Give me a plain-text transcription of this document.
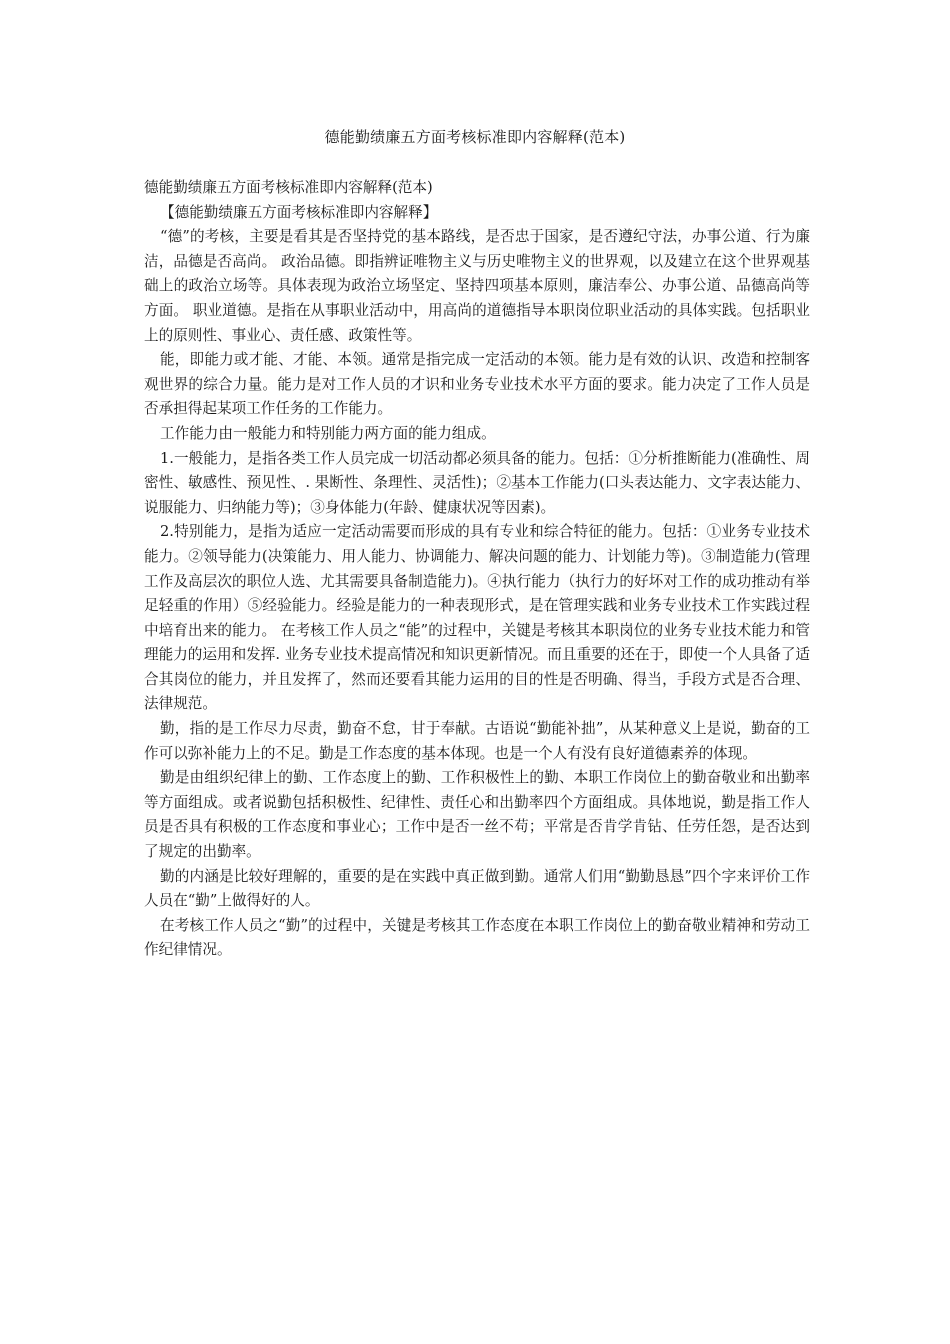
德能勤绩廉五方面考核标准即内容解释(范本)

德能勤绩廉五方面考核标准即内容解释(范本)

【德能勤绩廉五方面考核标准即内容解释】

“德”的考核，主要是看其是否坚持党的基本路线，是否忠于国家，是否遵纪守法，办事公道、行为廉洁，品德是否高尚。 政治品德。即指辨证唯物主义与历史唯物主义的世界观，以及建立在这个世界观基础上的政治立场等。具体表现为政治立场坚定、坚持四项基本原则，廉洁奉公、办事公道、品德高尚等方面。 职业道德。是指在从事职业活动中，用高尚的道德指导本职岗位职业活动的具体实践。包括职业上的原则性、事业心、责任感、政策性等。

能，即能力或才能、才能、本领。通常是指完成一定活动的本领。能力是有效的认识、改造和控制客观世界的综合力量。能力是对工作人员的才识和业务专业技术水平方面的要求。能力决定了工作人员是否承担得起某项工作任务的工作能力。

工作能力由一般能力和特别能力两方面的能力组成。

1.一般能力，是指各类工作人员完成一切活动都必须具备的能力。包括：①分析推断能力(准确性、周密性、敏感性、预见性、. 果断性、条理性、灵活性)；②基本工作能力(口头表达能力、文字表达能力、说服能力、归纳能力等)；③身体能力(年龄、健康状况等因素)。

2.特别能力，是指为适应一定活动需要而形成的具有专业和综合特征的能力。包括：①业务专业技术能力。②领导能力(决策能力、用人能力、协调能力、解决问题的能力、计划能力等)。③制造能力(管理工作及高层次的职位人选、尤其需要具备制造能力)。④执行能力（执行力的好坏对工作的成功推动有举足轻重的作用）⑤经验能力。经验是能力的一种表现形式，是在管理实践和业务专业技术工作实践过程中培育出来的能力。 在考核工作人员之“能”的过程中，关键是考核其本职岗位的业务专业技术能力和管理能力的运用和发挥. 业务专业技术提高情况和知识更新情况。而且重要的还在于，即使一个人具备了适合其岗位的能力，并且发挥了，然而还要看其能力运用的目的性是否明确、得当，手段方式是否合理、法律规范。

勤，指的是工作尽力尽责，勤奋不怠，甘于奉献。古语说“勤能补拙”，从某种意义上是说，勤奋的工作可以弥补能力上的不足。勤是工作态度的基本体现。也是一个人有没有良好道德素养的体现。

勤是由组织纪律上的勤、工作态度上的勤、工作积极性上的勤、本职工作岗位上的勤奋敬业和出勤率等方面组成。或者说勤包括积极性、纪律性、责任心和出勤率四个方面组成。具体地说，勤是指工作人员是否具有积极的工作态度和事业心；工作中是否一丝不苟；平常是否肯学肯钻、任劳任怨，是否达到了规定的出勤率。

勤的内涵是比较好理解的，重要的是在实践中真正做到勤。通常人们用“勤勤恳恳”四个字来评价工作人员在“勤”上做得好的人。

在考核工作人员之“勤”的过程中，关键是考核其工作态度在本职工作岗位上的勤奋敬业精神和劳动工作纪律情况。
